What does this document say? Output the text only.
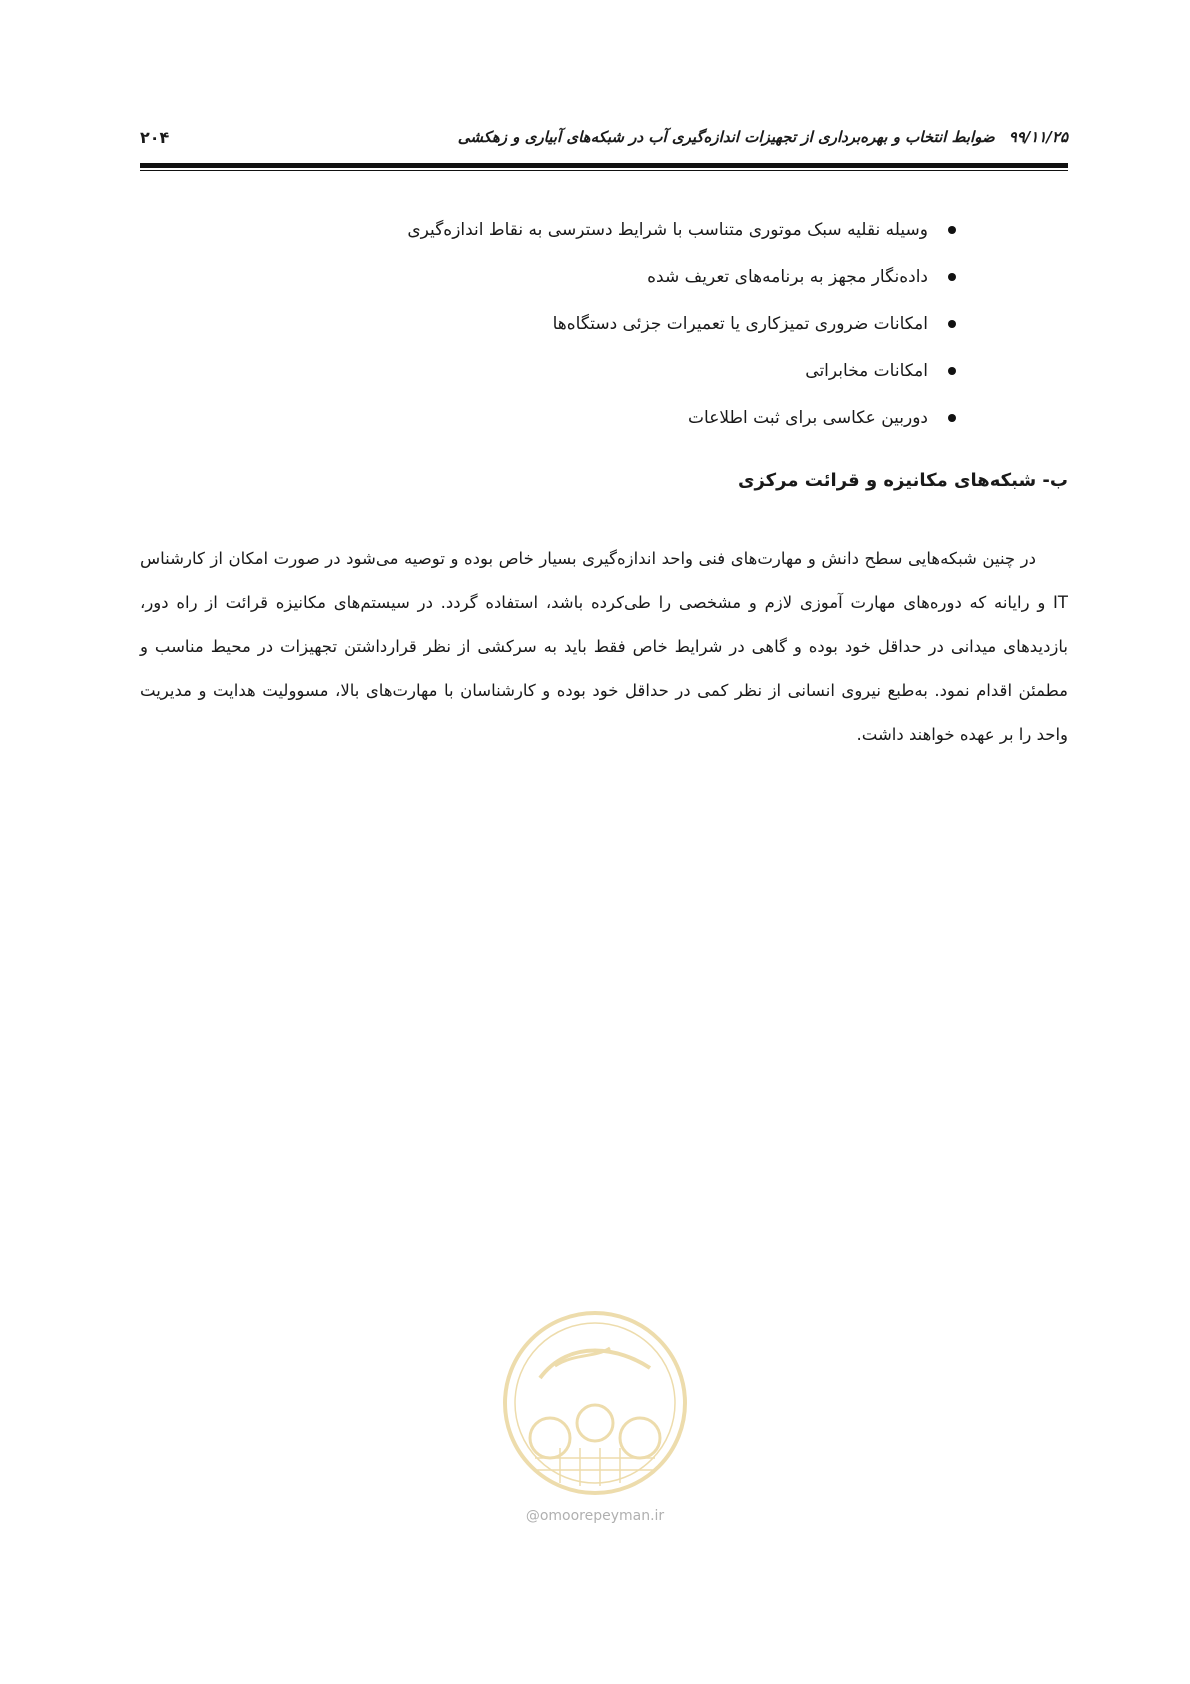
۹۹/۱۱/۲۵ضوابط انتخاب و بهره‌برداری از تجهیزات اندازه‌گیری آب در شبکه‌های آبیاری و زهکشی
۲۰۴
وسیله نقلیه سبک موتوری متناسب با شرایط دسترسی به نقاط اندازه‌گیری
داده‌نگار مجهز به برنامه‌های تعریف شده
امکانات ضروری تمیزکاری یا تعمیرات جزئی دستگاه‌ها
امکانات مخابراتی
دوربین عکاسی برای ثبت اطلاعات
ب- شبکه‌های مکانیزه و قرائت مرکزی

در چنین شبکه‌هایی سطح دانش و مهارت‌های فنی واحد اندازه‌گیری بسیار خاص بوده و توصیه می‌شود در صورت امکان از کارشناس IT و رایانه که دوره‌های مهارت آموزی لازم و مشخصی را طی‌کرده باشد، استفاده گردد. در سیستم‌های مکانیزه قرائت از راه دور، بازدیدهای میدانی در حداقل خود بوده و گاهی در شرایط خاص فقط باید به سرکشی از نظر قرارداشتن تجهیزات در محیط مناسب و مطمئن اقدام نمود. به‌طبع نیروی انسانی از نظر کمی در حداقل خود بوده و کارشناسان با مهارت‌های بالا، مسوولیت هدایت و مدیریت واحد را بر عهده خواهند داشت.

@omoorepeyman.ir
